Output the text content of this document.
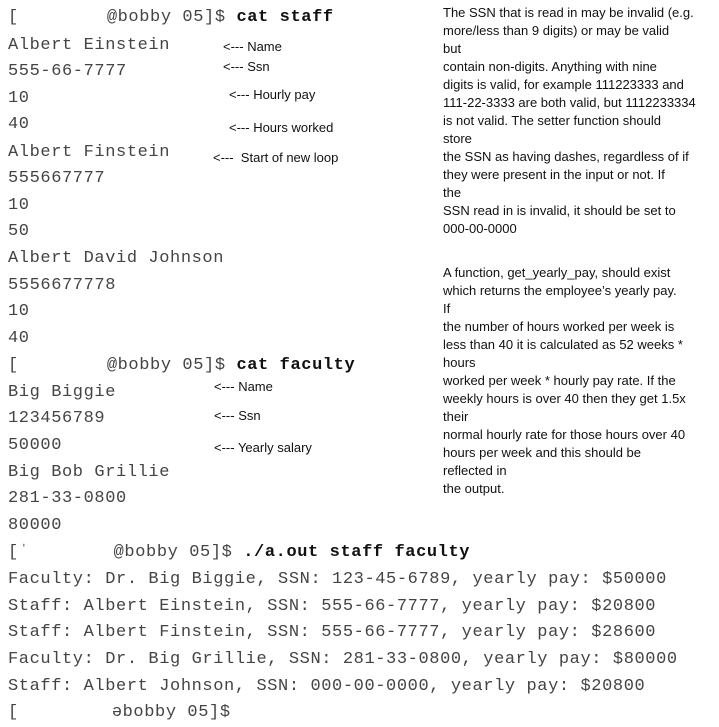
[	@bobby 05]$ cat staff
Albert Einstein
555-66-7777
10
40
Albert Finstein
555667777
10
50
Albert David Johnson
5556677778
10
40
<--- Name
<--- Ssn
<--- Hourly pay
<--- Hours worked
<---  Start of new loop
[	@bobby 05]$ cat faculty
Big Biggie
123456789
50000
Big Bob Grillie
281-33-0800
80000
<--- Name
<--- Ssn
<--- Yearly salary
[ˈ	@bobby 05]$ ./a.out staff faculty
Faculty: Dr. Big Biggie, SSN: 123-45-6789, yearly pay: $50000
Staff: Albert Einstein, SSN: 555-66-7777, yearly pay: $20800
Staff: Albert Finstein, SSN: 555-66-7777, yearly pay: $28600
Faculty: Dr. Big Grillie, SSN: 281-33-0800, yearly pay: $80000
Staff: Albert Johnson, SSN: 000-00-0000, yearly pay: $20800
[	əbobby 05]$
The SSN that is read in may be invalid (e.g.
more/less than 9 digits) or may be valid
but
contain non-digits. Anything with nine
digits is valid, for example 111223333 and
111-22-3333 are both valid, but 1112233334
is not valid. The setter function should
store
the SSN as having dashes, regardless of if
they were present in the input or not. If
the
SSN read in is invalid, it should be set to
000-00-0000
A function, get_yearly_pay, should exist
which returns the employee’s yearly pay.
If
the number of hours worked per week is
less than 40 it is calculated as 52 weeks *
hours
worked per week * hourly pay rate. If the
weekly hours is over 40 then they get 1.5x
their
normal hourly rate for those hours over 40
hours per week and this should be
reflected in
the output.
